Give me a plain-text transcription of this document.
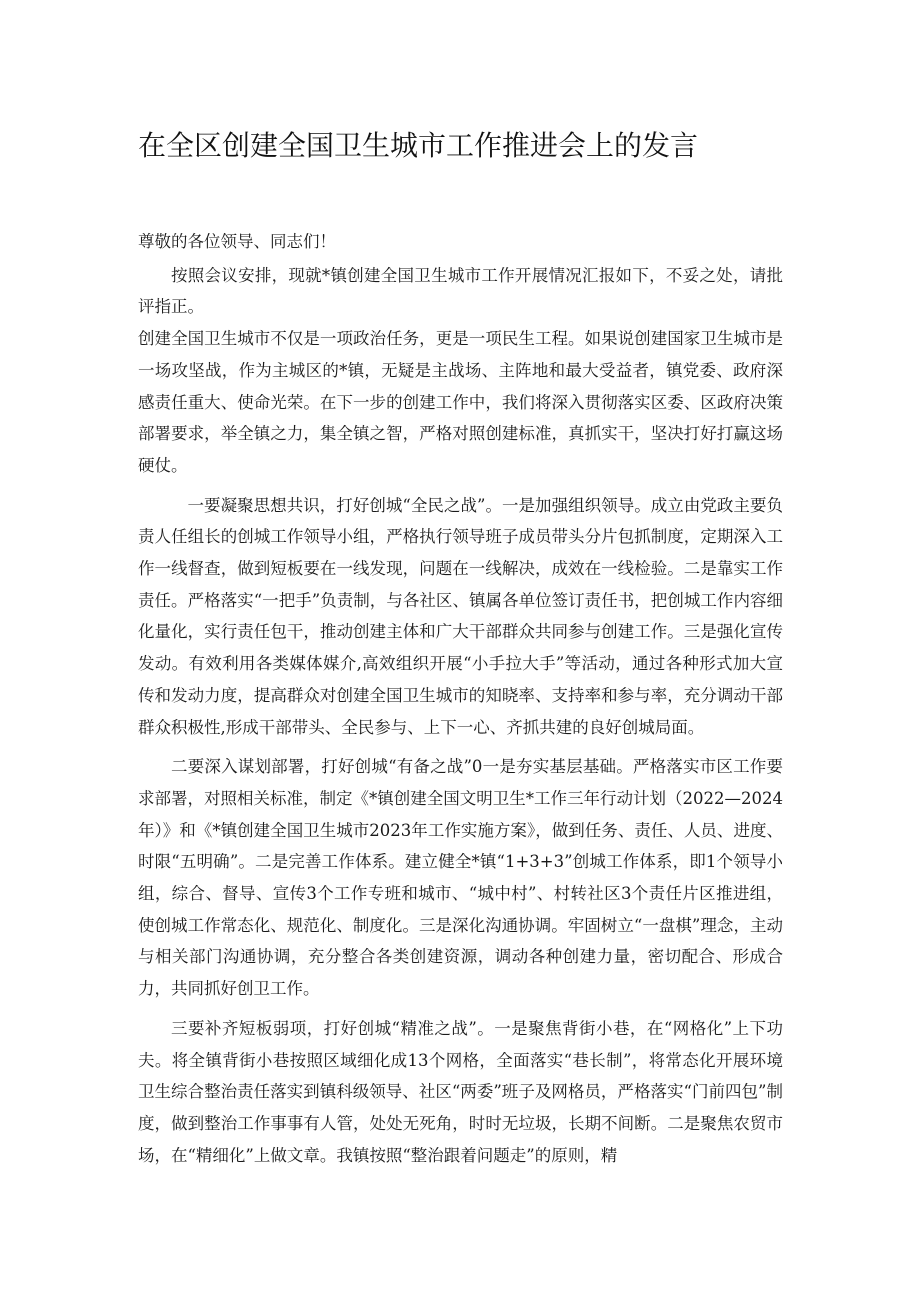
在全区创建全国卫生城市工作推进会上的发言

尊敬的各位领导、同志们！

按照会议安排，现就*镇创建全国卫生城市工作开展情况汇报如下，不妥之处，请批评指正。

创建全国卫生城市不仅是一项政治任务，更是一项民生工程。如果说创建国家卫生城市是一场攻坚战，作为主城区的*镇，无疑是主战场、主阵地和最大受益者，镇党委、政府深感责任重大、使命光荣。在下一步的创建工作中，我们将深入贯彻落实区委、区政府决策部署要求，举全镇之力，集全镇之智，严格对照创建标准，真抓实干，坚决打好打赢这场硬仗。

一要凝聚思想共识，打好创城“全民之战”。一是加强组织领导。成立由党政主要负责人任组长的创城工作领导小组，严格执行领导班子成员带头分片包抓制度，定期深入工作一线督查，做到短板要在一线发现，问题在一线解决，成效在一线检验。二是靠实工作责任。严格落实“一把手”负责制，与各社区、镇属各单位签订责任书，把创城工作内容细化量化，实行责任包干，推动创建主体和广大干部群众共同参与创建工作。三是强化宣传发动。有效利用各类媒体媒介,高效组织开展“小手拉大手”等活动，通过各种形式加大宣传和发动力度，提高群众对创建全国卫生城市的知晓率、支持率和参与率，充分调动干部群众积极性,形成干部带头、全民参与、上下一心、齐抓共建的良好创城局面。

二要深入谋划部署，打好创城“有备之战”0一是夯实基层基础。严格落实市区工作要求部署，对照相关标准，制定《*镇创建全国文明卫生*工作三年行动计划（2022—2024年）》和《*镇创建全国卫生城市2023年工作实施方案》，做到任务、责任、人员、进度、时限“五明确”。二是完善工作体系。建立健全*镇“1+3+3”创城工作体系，即1个领导小组，综合、督导、宣传3个工作专班和城市、“城中村”、村转社区3个责任片区推进组，使创城工作常态化、规范化、制度化。三是深化沟通协调。牢固树立“一盘棋”理念，主动与相关部门沟通协调，充分整合各类创建资源，调动各种创建力量，密切配合、形成合力，共同抓好创卫工作。

三要补齐短板弱项，打好创城“精准之战”。一是聚焦背街小巷，在“网格化”上下功夫。将全镇背街小巷按照区域细化成13个网格，全面落实“巷长制”，将常态化开展环境卫生综合整治责任落实到镇科级领导、社区“两委”班子及网格员，严格落实“门前四包”制度，做到整治工作事事有人管，处处无死角，时时无垃圾，长期不间断。二是聚焦农贸市场，在“精细化”上做文章。我镇按照“整治跟着问题走”的原则，精
